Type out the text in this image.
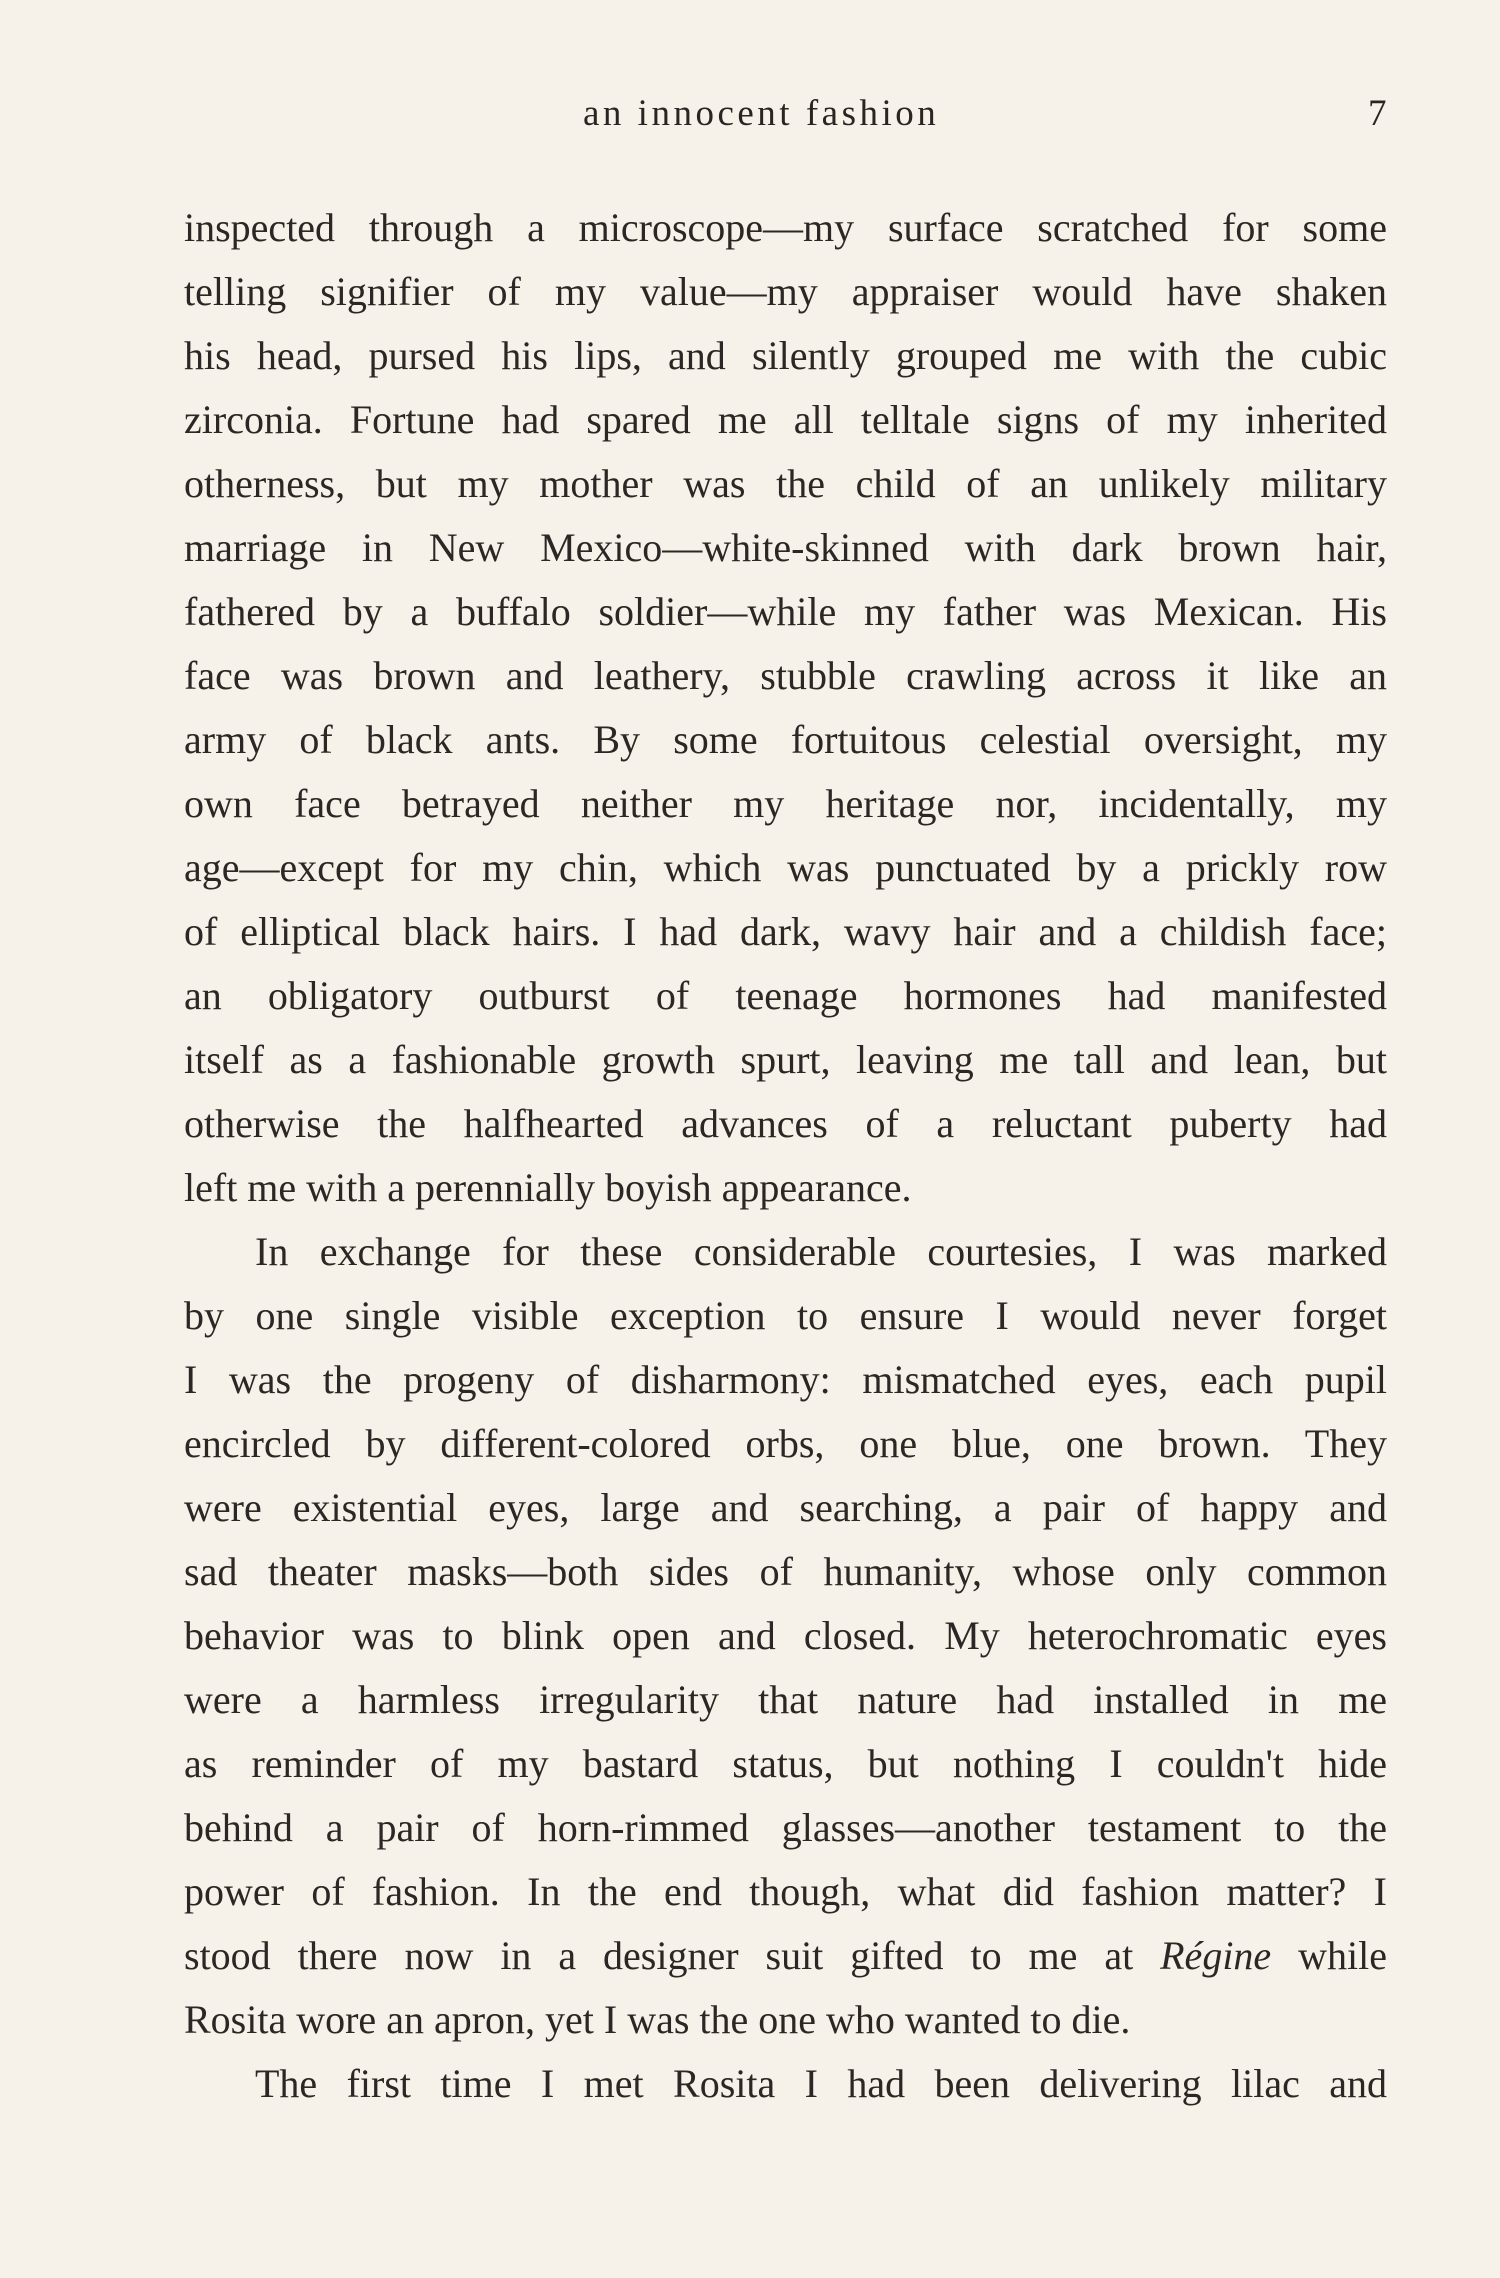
an innocent fashion	7
inspected through a microscope—my surface scratched for some
telling signifier of my value—my appraiser would have shaken
his head, pursed his lips, and silently grouped me with the cubic
zirconia. Fortune had spared me all telltale signs of my inherited
otherness, but my mother was the child of an unlikely military
marriage in New Mexico—white-skinned with dark brown hair,
fathered by a buffalo soldier—while my father was Mexican. His
face was brown and leathery, stubble crawling across it like an
army of black ants. By some fortuitous celestial oversight, my
own face betrayed neither my heritage nor, incidentally, my
age—except for my chin, which was punctuated by a prickly row
of elliptical black hairs. I had dark, wavy hair and a childish face;
an obligatory outburst of teenage hormones had manifested
itself as a fashionable growth spurt, leaving me tall and lean, but
otherwise the halfhearted advances of a reluctant puberty had
left me with a perennially boyish appearance.
In exchange for these considerable courtesies, I was marked
by one single visible exception to ensure I would never forget
I was the progeny of disharmony: mismatched eyes, each pupil
encircled by different-colored orbs, one blue, one brown. They
were existential eyes, large and searching, a pair of happy and
sad theater masks—both sides of humanity, whose only common
behavior was to blink open and closed. My heterochromatic eyes
were a harmless irregularity that nature had installed in me
as reminder of my bastard status, but nothing I couldn't hide
behind a pair of horn-rimmed glasses—another testament to the
power of fashion. In the end though, what did fashion matter? I
stood there now in a designer suit gifted to me at Régine while
Rosita wore an apron, yet I was the one who wanted to die.
The first time I met Rosita I had been delivering lilac and
